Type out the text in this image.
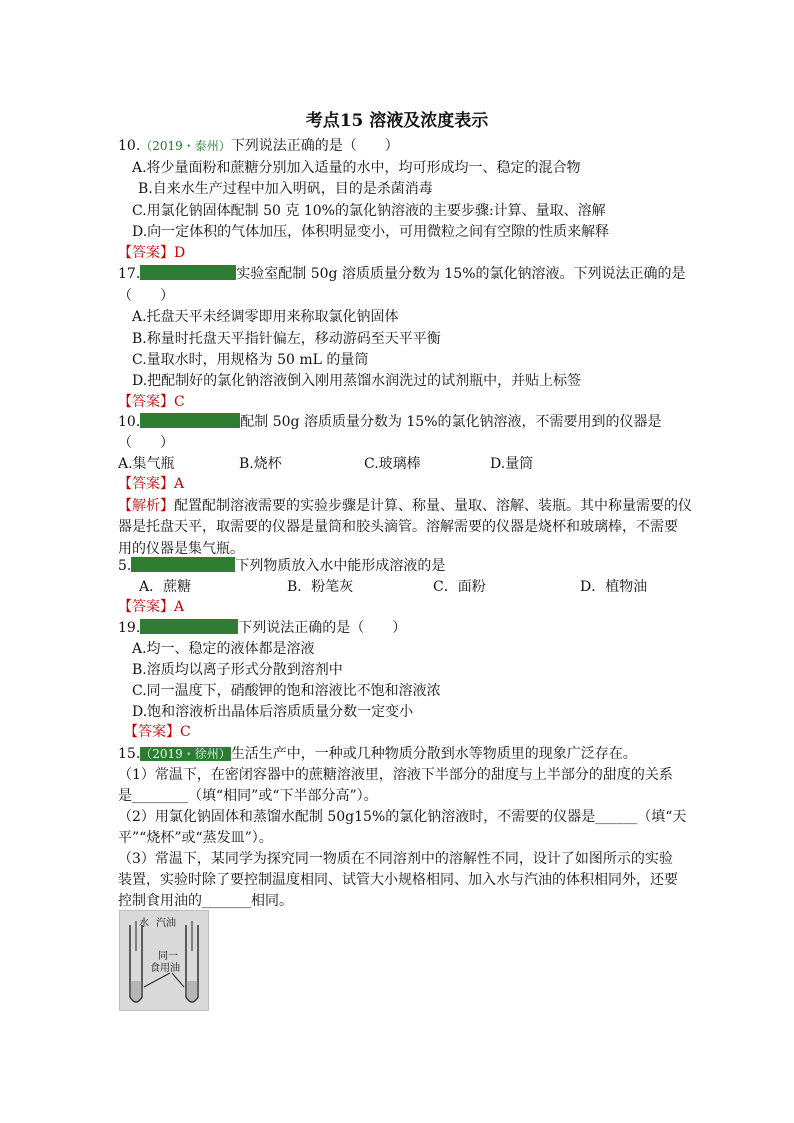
考点15 溶液及浓度表示
10.（2019・泰州）下列说法正确的是（　　）
A.将少量面粉和蔗糖分别加入适量的水中，均可形成均一、稳定的混合物
B.自来水生产过程中加入明矾，目的是杀菌消毒
C.用氯化钠固体配制 50 克 10%的氯化钠溶液的主要步骤:计算、量取、溶解
D.向一定体积的气体加压，体积明显变小，可用微粒之间有空隙的性质来解释
【答案】D
17.	实验室配制 50g 溶质质量分数为 15%的氯化钠溶液。下列说法正确的是
（　　）
A.托盘天平未经调零即用来称取氯化钠固体
B.称量时托盘天平指针偏左，移动游码至天平平衡
C.量取水时，用规格为 50 mL 的量筒
D.把配制好的氯化钠溶液倒入刚用蒸馏水润洗过的试剂瓶中，并贴上标签
【答案】C
10.	配制 50g 溶质质量分数为 15%的氯化钠溶液，不需要用到的仪器是
（　　）
A.集气瓶	B.烧杯	C.玻璃棒	D.量筒
【答案】A
【解析】配置配制溶液需要的实验步骤是计算、称量、量取、溶解、装瓶。其中称量需要的仪
器是托盘天平，取需要的仪器是量筒和胶头滴管。溶解需要的仪器是烧杯和玻璃棒，不需要
用的仪器是集气瓶。
5.	下列物质放入水中能形成溶液的是
A．蔗糖	B．粉笔灰	C．面粉	D．植物油
【答案】A
19.	下列说法正确的是（　　）
A.均一、稳定的液体都是溶液
B.溶质均以离子形式分散到溶剂中
C.同一温度下，硝酸钾的饱和溶液比不饱和溶液浓
D.饱和溶液析出晶体后溶质质量分数一定变小
【答案】C
15.（2019・徐州）生活生产中，一种或几种物质分散到水等物质里的现象广泛存在。
（1）常温下，在密闭容器中的蔗糖溶液里，溶液下半部分的甜度与上半部分的甜度的关系
是________（填“相同”或“下半部分高”）。
（2）用氯化钠固体和蒸馏水配制 50g15%的氯化钠溶液时，不需要的仪器是______（填“天
平”“烧杯”或“蒸发皿”）。
（3）常温下，某同学为探究同一物质在不同溶剂中的溶解性不同，设计了如图所示的实验
装置，实验时除了要控制温度相同、试管大小规格相同、加入水与汽油的体积相同外，还要
控制食用油的_______相同。
水 汽油
同一
食用油
